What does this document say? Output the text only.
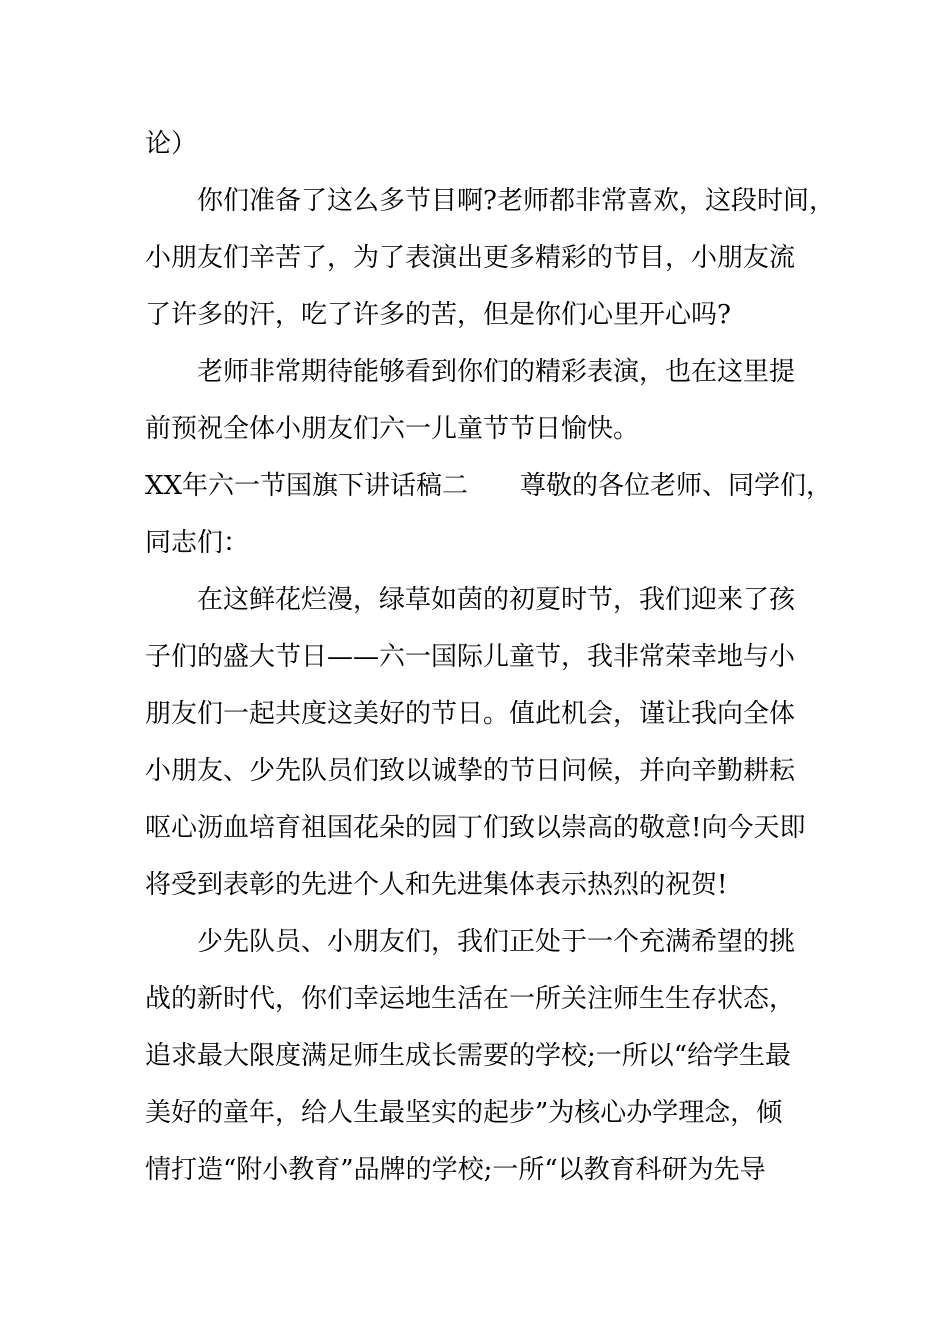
论）
你们准备了这么多节目啊?老师都非常喜欢，这段时间，
小朋友们辛苦了，为了表演出更多精彩的节目，小朋友流
了许多的汗，吃了许多的苦，但是你们心里开心吗?
老师非常期待能够看到你们的精彩表演，也在这里提
前预祝全体小朋友们六一儿童节节日愉快。
XX年六一节国旗下讲话稿二 尊敬的各位老师、同学们，
同志们：
在这鲜花烂漫，绿草如茵的初夏时节，我们迎来了孩
子们的盛大节日——六一国际儿童节，我非常荣幸地与小
朋友们一起共度这美好的节日。值此机会，谨让我向全体
小朋友、少先队员们致以诚挚的节日问候，并向辛勤耕耘
呕心沥血培育祖国花朵的园丁们致以崇高的敬意!向今天即
将受到表彰的先进个人和先进集体表示热烈的祝贺!
少先队员、小朋友们，我们正处于一个充满希望的挑
战的新时代，你们幸运地生活在一所关注师生生存状态，
追求最大限度满足师生成长需要的学校;一所以“给学生最
美好的童年，给人生最坚实的起步”为核心办学理念，倾
情打造“附小教育”品牌的学校;一所“以教育科研为先导
